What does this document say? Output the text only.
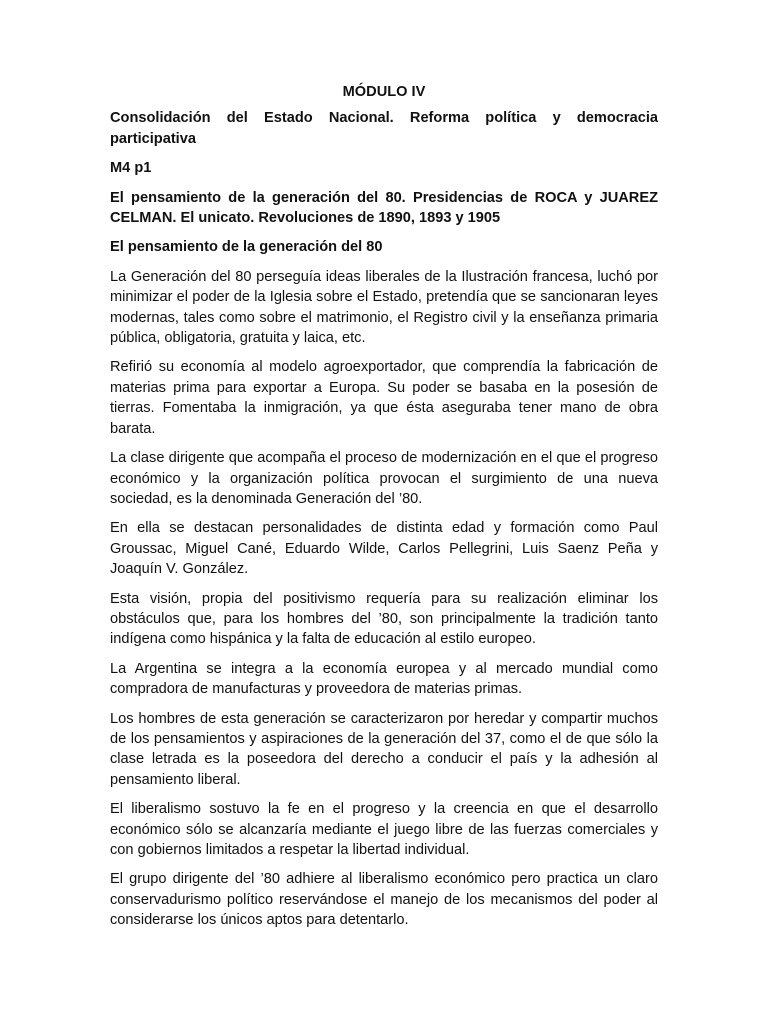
MÓDULO IV

Consolidación del Estado Nacional. Reforma política y democracia participativa

M4 p1

El pensamiento de la generación del 80. Presidencias de ROCA y JUAREZ CELMAN. El unicato. Revoluciones de 1890, 1893 y 1905

El pensamiento de la generación del 80

La Generación del 80 perseguía ideas liberales de la Ilustración francesa, luchó por minimizar el poder de la Iglesia sobre el Estado, pretendía que se sancionaran leyes modernas, tales como sobre el matrimonio, el Registro civil y la enseñanza primaria pública, obligatoria, gratuita y laica, etc.

Refirió su economía al modelo agroexportador, que comprendía la fabricación de materias prima para exportar a Europa. Su poder se basaba en la posesión de tierras. Fomentaba la inmigración, ya que ésta aseguraba tener mano de obra barata.

La clase dirigente que acompaña el proceso de modernización en el que el progreso económico y la organización política provocan el surgimiento de una nueva sociedad, es la denominada Generación del ’80.

En ella se destacan personalidades de distinta edad y formación como Paul Groussac, Miguel Cané, Eduardo Wilde, Carlos Pellegrini, Luis Saenz Peña y Joaquín V. González.

Esta visión, propia del positivismo requería para su realización eliminar los obstáculos que, para los hombres del ’80, son principalmente la tradición tanto indígena como hispánica y la falta de educación al estilo europeo.

La Argentina se integra a la economía europea y al mercado mundial como compradora de manufacturas y proveedora de materias primas.

Los hombres de esta generación se caracterizaron por heredar y compartir muchos de los pensamientos y aspiraciones de la generación del 37, como el de que sólo la clase letrada es la poseedora del derecho a conducir el país y la adhesión al pensamiento liberal.

El liberalismo sostuvo la fe en el progreso y la creencia en que el desarrollo económico sólo se alcanzaría mediante el juego libre de las fuerzas comerciales y con gobiernos limitados a respetar la libertad individual.

El grupo dirigente del ’80 adhiere al liberalismo económico pero practica un claro conservadurismo político reservándose el manejo de los mecanismos del poder al considerarse los únicos aptos para detentarlo.
